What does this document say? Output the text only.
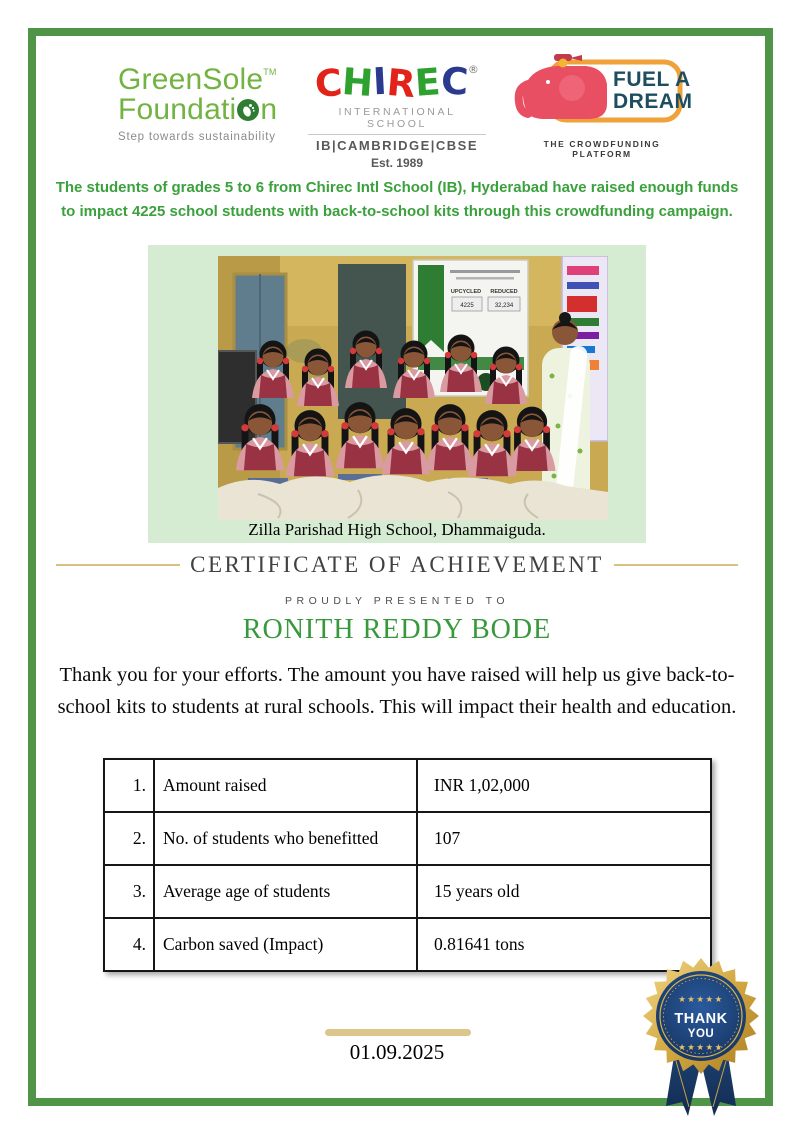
GreenSole™
Foundati n
Step towards sustainability
CHIREC®
INTERNATIONAL SCHOOL
IB|CAMBRIDGE|CBSE
Est. 1989
FUEL A
DREAM
THE CROWDFUNDING PLATFORM
The students of grades 5 to 6 from Chirec Intl School (IB), Hyderabad have raised enough funds to impact 4225 school students with back-to-school kits through this crowdfunding campaign.
UPCYCLED REDUCED
4225	32,234
Zilla Parishad High School, Dhammaiguda.
CERTIFICATE OF ACHIEVEMENT
PROUDLY PRESENTED TO
RONITH REDDY BODE
Thank you for your efforts. The amount you have raised will help us give back-to-school kits to students at rural schools. This will impact their health and education.
1.	Amount raised	INR 1,02,000
2.	No. of students who benefitted	107
3.	Average age of students	15 years old
4.	Carbon saved (Impact)	0.81641 tons
01.09.2025
★★★★★
THANK
YOU
★★★★★
